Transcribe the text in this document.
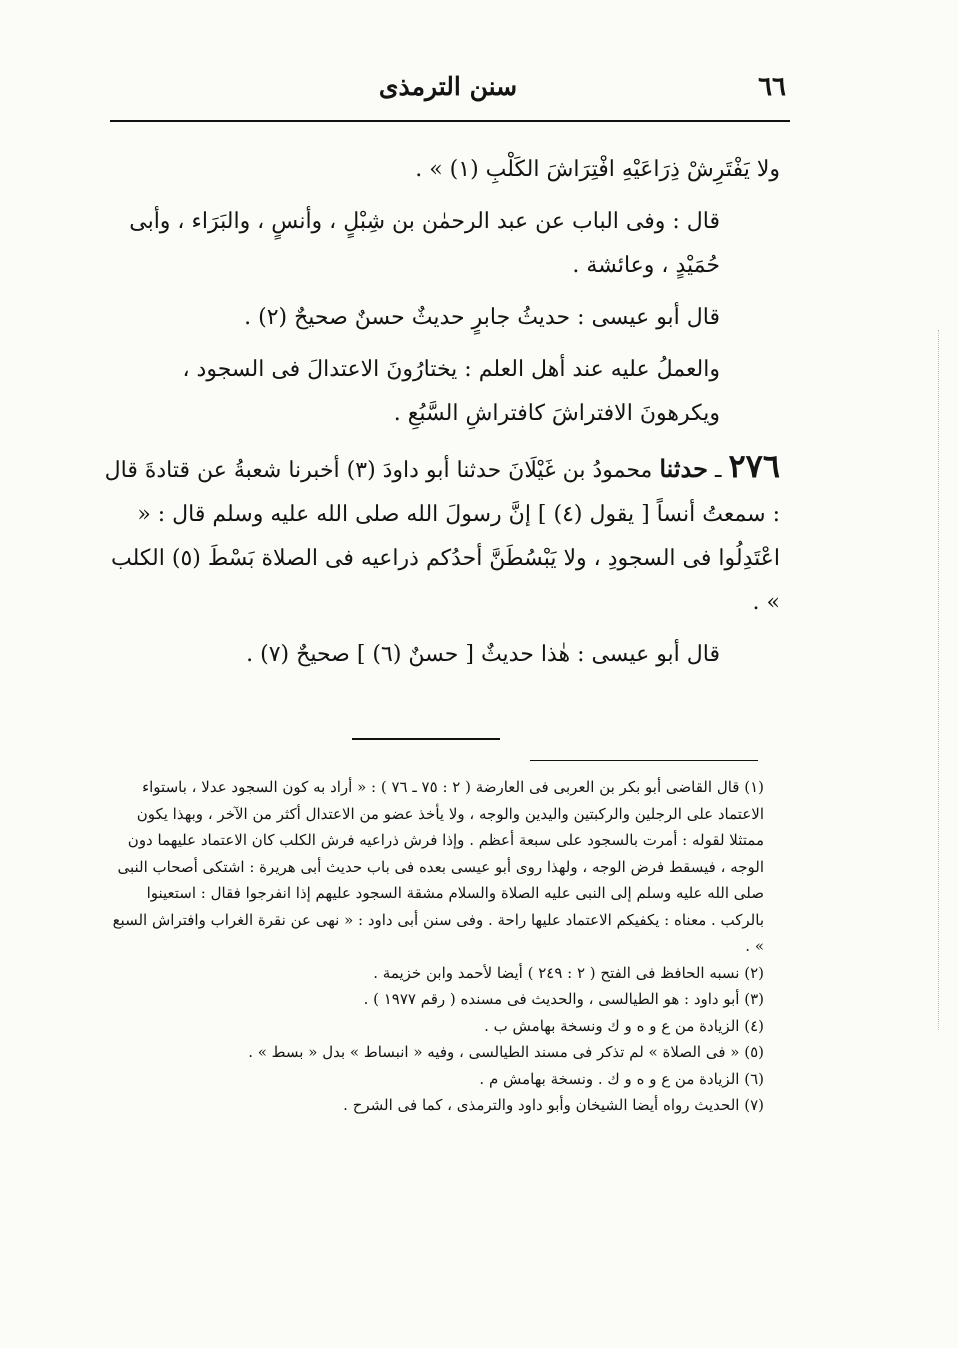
٦٦
سنن الترمذى

ولا يَفْتَرِشْ ذِرَاعَيْهِ افْتِرَاشَ الكَلْبِ (١) » .

قال : وفى الباب عن عبد الرحمٰن بن شِبْلٍ ، وأنسٍ ، والبَرَاء ، وأبى حُمَيْدٍ ، وعائشة .

قال أبو عيسى : حديثُ جابرٍ حديثٌ حسنٌ صحيحٌ (٢) .

والعملُ عليه عند أهل العلم : يختارُونَ الاعتدالَ فى السجود ، ويكرهونَ الافتراشَ كافتراشِ السَّبُعِ .

٢٧٦ ـ حدثنا محمودُ بن غَيْلَانَ حدثنا أبو داودَ (٣) أخبرنا شعبةُ عن قتادةَ قال : سمعتُ أنساً [ يقول (٤) ] إنَّ رسولَ الله صلى الله عليه وسلم قال : « اعْتَدِلُوا فى السجودِ ، ولا يَبْسُطَنَّ أحدُكم ذراعيه فى الصلاة بَسْطَ (٥) الكلب » .

قال أبو عيسى : هٰذا حديثٌ [ حسنٌ (٦) ] صحيحٌ (٧) .

(١) قال القاضى أبو بكر بن العربى فى العارضة ( ٢ : ٧٥ ـ ٧٦ ) : « أراد به كون السجود عدلا ، باستواء الاعتماد على الرجلين والركبتين واليدين والوجه ، ولا يأخذ عضو من الاعتدال أكثر من الآخر ، وبهذا يكون ممتثلا لقوله : أمرت بالسجود على سبعة أعظم . وإذا فرش ذراعيه فرش الكلب كان الاعتماد عليهما دون الوجه ، فيسقط فرض الوجه ، ولهذا روى أبو عيسى بعده فى باب حديث أبى هريرة : اشتكى أصحاب النبى صلى الله عليه وسلم إلى النبى عليه الصلاة والسلام مشقة السجود عليهم إذا انفرجوا فقال : استعينوا بالركب . معناه : يكفيكم الاعتماد عليها راحة . وفى سنن أبى داود : « نهى عن نقرة الغراب وافتراش السبع » .

(٢) نسبه الحافظ فى الفتح ( ٢ : ٢٤٩ ) أيضا لأحمد وابن خزيمة .

(٣) أبو داود : هو الطيالسى ، والحديث فى مسنده ( رقم ١٩٧٧ ) .

(٤) الزيادة من ع و ه و ك ونسخة بهامش ب .

(٥) « فى الصلاة » لم تذكر فى مسند الطيالسى ، وفيه « انبساط » بدل « بسط » .

(٦) الزيادة من ع و ه و ك . ونسخة بهامش م .

(٧) الحديث رواه أيضا الشيخان وأبو داود والترمذى ، كما فى الشرح .
